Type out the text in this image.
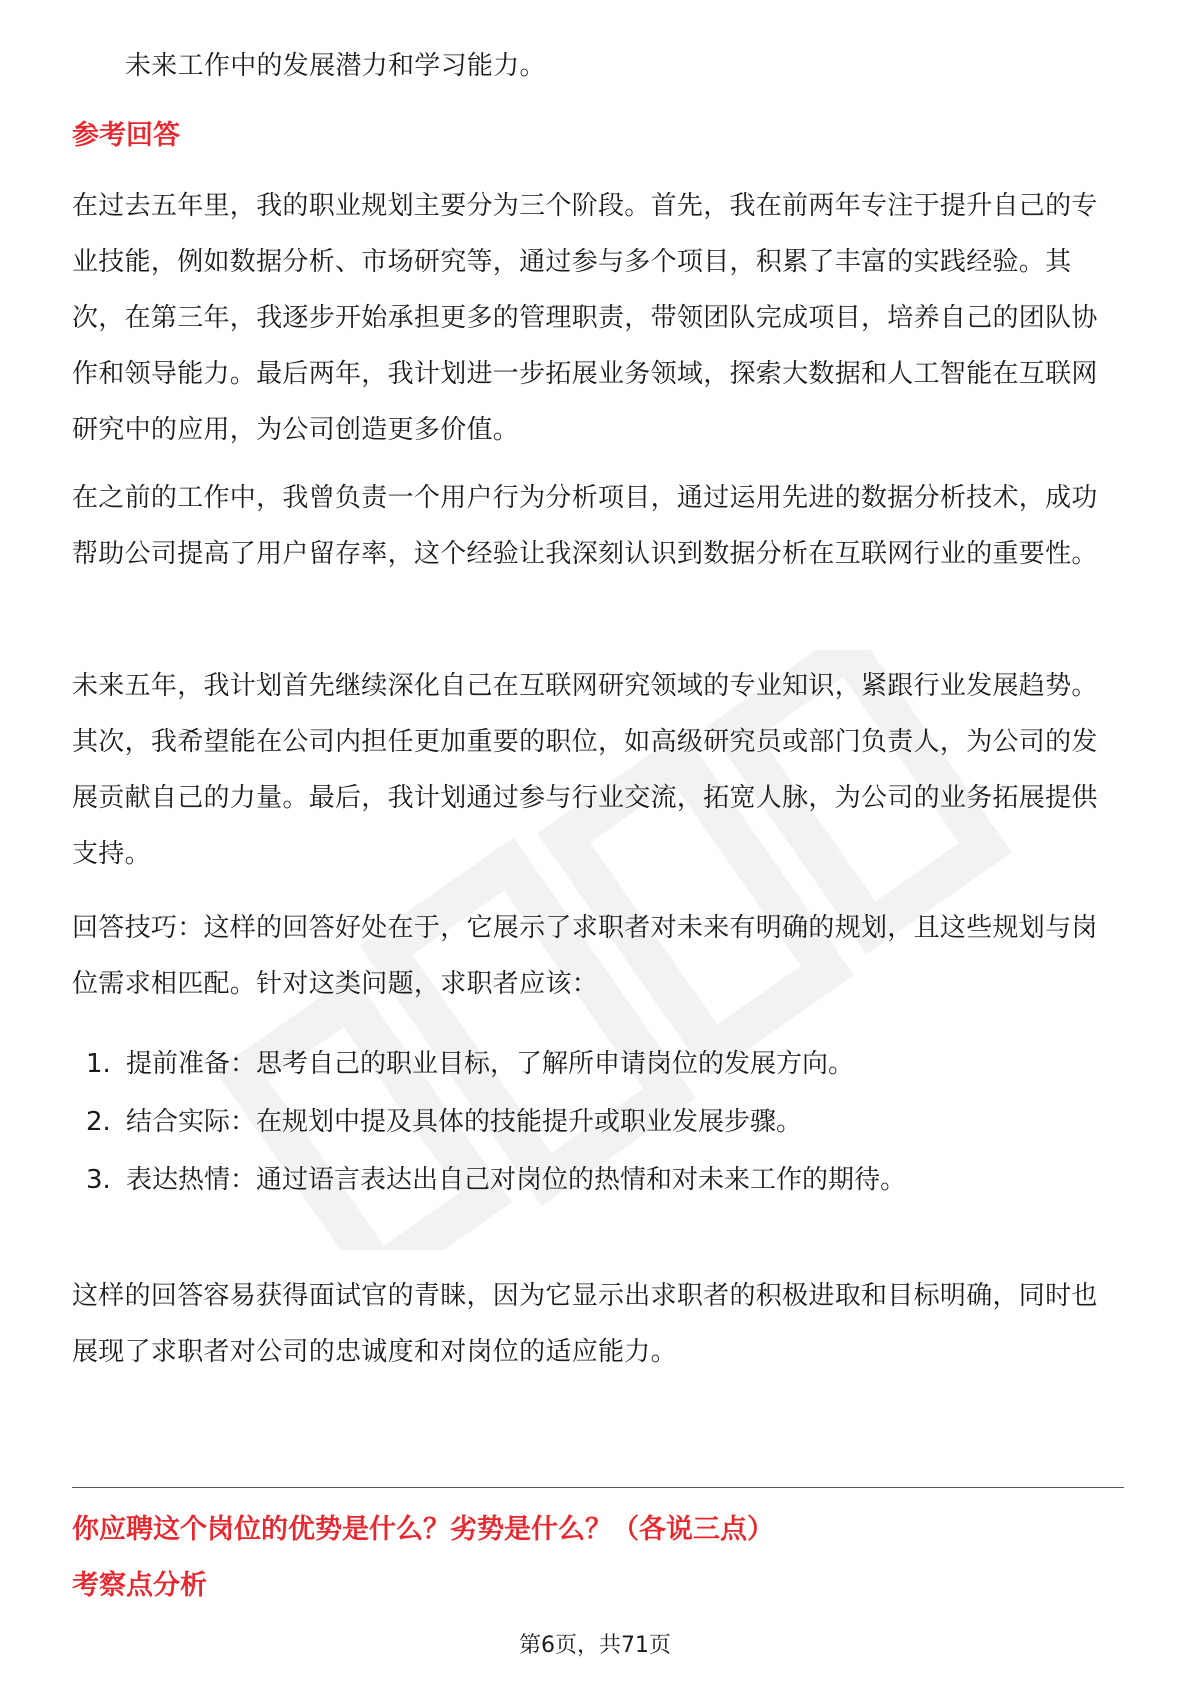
未来工作中的发展潜力和学习能力。

参考回答

在过去五年里，我的职业规划主要分为三个阶段。首先，我在前两年专注于提升自己的专业技能，例如数据分析、市场研究等，通过参与多个项目，积累了丰富的实践经验。其次，在第三年，我逐步开始承担更多的管理职责，带领团队完成项目，培养自己的团队协作和领导能力。最后两年，我计划进一步拓展业务领域，探索大数据和人工智能在互联网研究中的应用，为公司创造更多价值。

在之前的工作中，我曾负责一个用户行为分析项目，通过运用先进的数据分析技术，成功帮助公司提高了用户留存率，这个经验让我深刻认识到数据分析在互联网行业的重要性。

未来五年，我计划首先继续深化自己在互联网研究领域的专业知识，紧跟行业发展趋势。其次，我希望能在公司内担任更加重要的职位，如高级研究员或部门负责人，为公司的发展贡献自己的力量。最后，我计划通过参与行业交流，拓宽人脉，为公司的业务拓展提供支持。

回答技巧：这样的回答好处在于，它展示了求职者对未来有明确的规划，且这些规划与岗位需求相匹配。针对这类问题，求职者应该：

1. 提前准备：思考自己的职业目标，了解所申请岗位的发展方向。
2. 结合实际：在规划中提及具体的技能提升或职业发展步骤。
3. 表达热情：通过语言表达出自己对岗位的热情和对未来工作的期待。

这样的回答容易获得面试官的青睐，因为它显示出求职者的积极进取和目标明确，同时也展现了求职者对公司的忠诚度和对岗位的适应能力。

你应聘这个岗位的优势是什么？劣势是什么？（各说三点）
考察点分析
第6页，共71页
